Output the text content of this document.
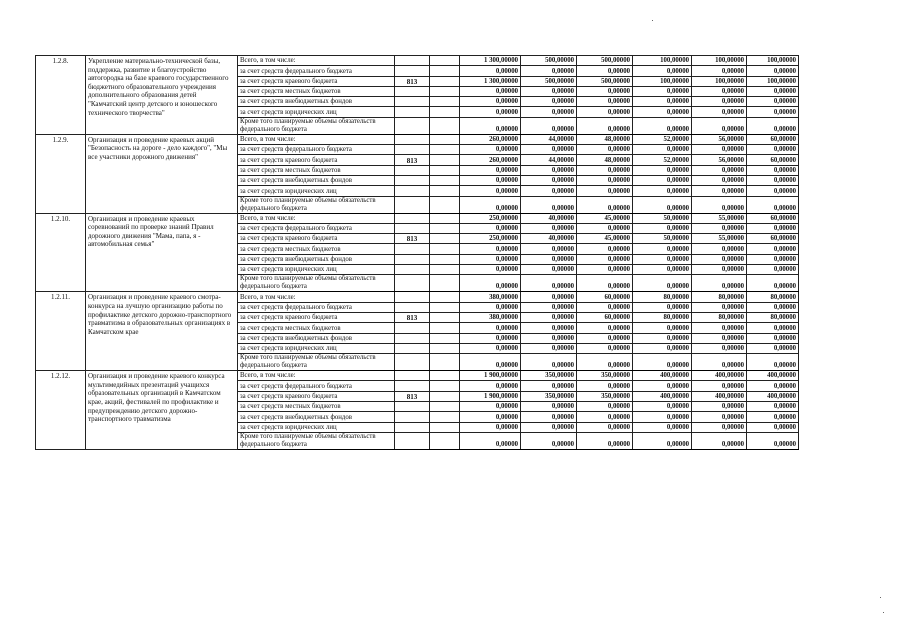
1.2.8.	Укрепление материально-технической базы, поддержка, развитие и благоустройство автогородка на базе краевого государственного бюджетного образовательного учреждения дополнительного образования детей "Камчатский центр детского и юношеского технического творчества"	Всего, в том числе:			1 300,00000	500,00000	500,00000	100,00000	100,00000	100,00000
		за счет средств федерального бюджета			0,00000	0,00000	0,00000	0,00000	0,00000	0,00000
		за счет средств краевого бюджета	813		1 300,00000	500,00000	500,00000	100,00000	100,00000	100,00000
		за счет средств местных бюджетов			0,00000	0,00000	0,00000	0,00000	0,00000	0,00000
		за счет средств внебюджетных фондов			0,00000	0,00000	0,00000	0,00000	0,00000	0,00000
		за счет средств юридических лиц			0,00000	0,00000	0,00000	0,00000	0,00000	0,00000
		Кроме того планируемые объемы обязательств федерального бюджета			0,00000	0,00000	0,00000	0,00000	0,00000	0,00000
1.2.9.	Организация и проведение краевых акций "Безопасность на дороге - дело каждого", "Мы все участники дорожного движения"	Всего, в том числе:			260,00000	44,00000	48,00000	52,00000	56,00000	60,00000
		за счет средств федерального бюджета			0,00000	0,00000	0,00000	0,00000	0,00000	0,00000
		за счет средств краевого бюджета	813		260,00000	44,00000	48,00000	52,00000	56,00000	60,00000
		за счет средств местных бюджетов			0,00000	0,00000	0,00000	0,00000	0,00000	0,00000
		за счет средств внебюджетных фондов			0,00000	0,00000	0,00000	0,00000	0,00000	0,00000
		за счет средств юридических лиц			0,00000	0,00000	0,00000	0,00000	0,00000	0,00000
		Кроме того планируемые объемы обязательств федерального бюджета			0,00000	0,00000	0,00000	0,00000	0,00000	0,00000
1.2.10.	Организация и проведение краевых соревнований по проверке знаний Правил дорожного движения "Мама, папа, я - автомобильная семья"	Всего, в том числе:			250,00000	40,00000	45,00000	50,00000	55,00000	60,00000
		за счет средств федерального бюджета			0,00000	0,00000	0,00000	0,00000	0,00000	0,00000
		за счет средств краевого бюджета	813		250,00000	40,00000	45,00000	50,00000	55,00000	60,00000
		за счет средств местных бюджетов			0,00000	0,00000	0,00000	0,00000	0,00000	0,00000
		за счет средств внебюджетных фондов			0,00000	0,00000	0,00000	0,00000	0,00000	0,00000
		за счет средств юридических лиц			0,00000	0,00000	0,00000	0,00000	0,00000	0,00000
		Кроме того планируемые объемы обязательств федерального бюджета			0,00000	0,00000	0,00000	0,00000	0,00000	0,00000
1.2.11.	Организация и проведение краевого смотра-конкурса на лучшую организацию работы по профилактике детского дорожно-транспортного травматизма в образовательных организациях в Камчатском крае	Всего, в том числе:			380,00000	0,00000	60,00000	80,00000	80,00000	80,00000
		за счет средств федерального бюджета			0,00000	0,00000	0,00000	0,00000	0,00000	0,00000
		за счет средств краевого бюджета	813		380,00000	0,00000	60,00000	80,00000	80,00000	80,00000
		за счет средств местных бюджетов			0,00000	0,00000	0,00000	0,00000	0,00000	0,00000
		за счет средств внебюджетных фондов			0,00000	0,00000	0,00000	0,00000	0,00000	0,00000
		за счет средств юридических лиц			0,00000	0,00000	0,00000	0,00000	0,00000	0,00000
		Кроме того планируемые объемы обязательств федерального бюджета			0,00000	0,00000	0,00000	0,00000	0,00000	0,00000
1.2.12.	Организация и проведение краевого конкурса мультимедийных презентаций учащихся образовательных организаций в Камчатском крае, акций, фестивалей по профилактике и предупреждению детского дорожно-транспортного травматизма	Всего, в том числе:			1 900,00000	350,00000	350,00000	400,00000	400,00000	400,00000
		за счет средств федерального бюджета			0,00000	0,00000	0,00000	0,00000	0,00000	0,00000
		за счет средств краевого бюджета	813		1 900,00000	350,00000	350,00000	400,00000	400,00000	400,00000
		за счет средств местных бюджетов			0,00000	0,00000	0,00000	0,00000	0,00000	0,00000
		за счет средств внебюджетных фондов			0,00000	0,00000	0,00000	0,00000	0,00000	0,00000
		за счет средств юридических лиц			0,00000	0,00000	0,00000	0,00000	0,00000	0,00000
		Кроме того планируемые объемы обязательств федерального бюджета			0,00000	0,00000	0,00000	0,00000	0,00000	0,00000
